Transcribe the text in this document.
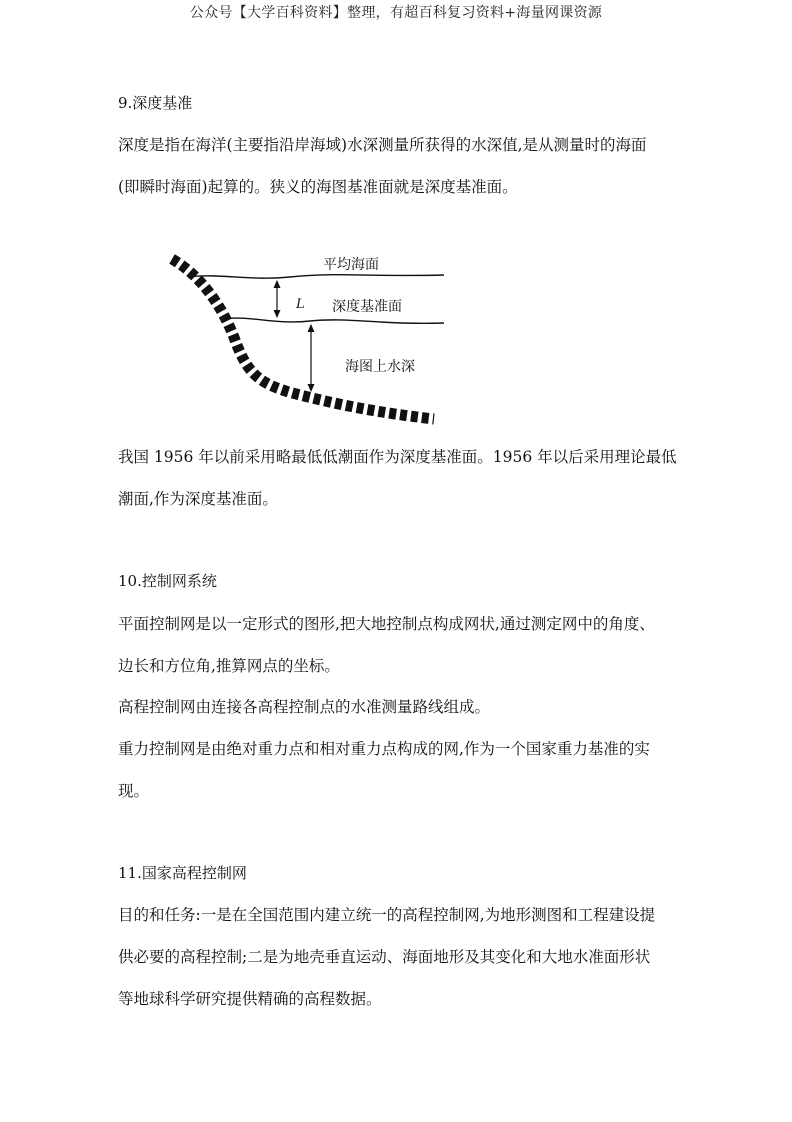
公众号【大学百科资料】整理，有超百科复习资料+海量网课资源
9.深度基准
深度是指在海洋(主要指沿岸海域)水深测量所获得的水深值,是从测量时的海面
(即瞬时海面)起算的。狭义的海图基准面就是深度基准面。
平均海面
L 深度基准面
海图上水深
我国 1956 年以前采用略最低低潮面作为深度基准面。1956 年以后采用理论最低
潮面,作为深度基准面。
10.控制网系统
平面控制网是以一定形式的图形,把大地控制点构成网状,通过测定网中的角度、
边长和方位角,推算网点的坐标。
高程控制网由连接各高程控制点的水准测量路线组成。
重力控制网是由绝对重力点和相对重力点构成的网,作为一个国家重力基准的实
现。
11.国家高程控制网
目的和任务:一是在全国范围内建立统一的高程控制网,为地形测图和工程建设提
供必要的高程控制;二是为地壳垂直运动、海面地形及其变化和大地水准面形状
等地球科学研究提供精确的高程数据。
